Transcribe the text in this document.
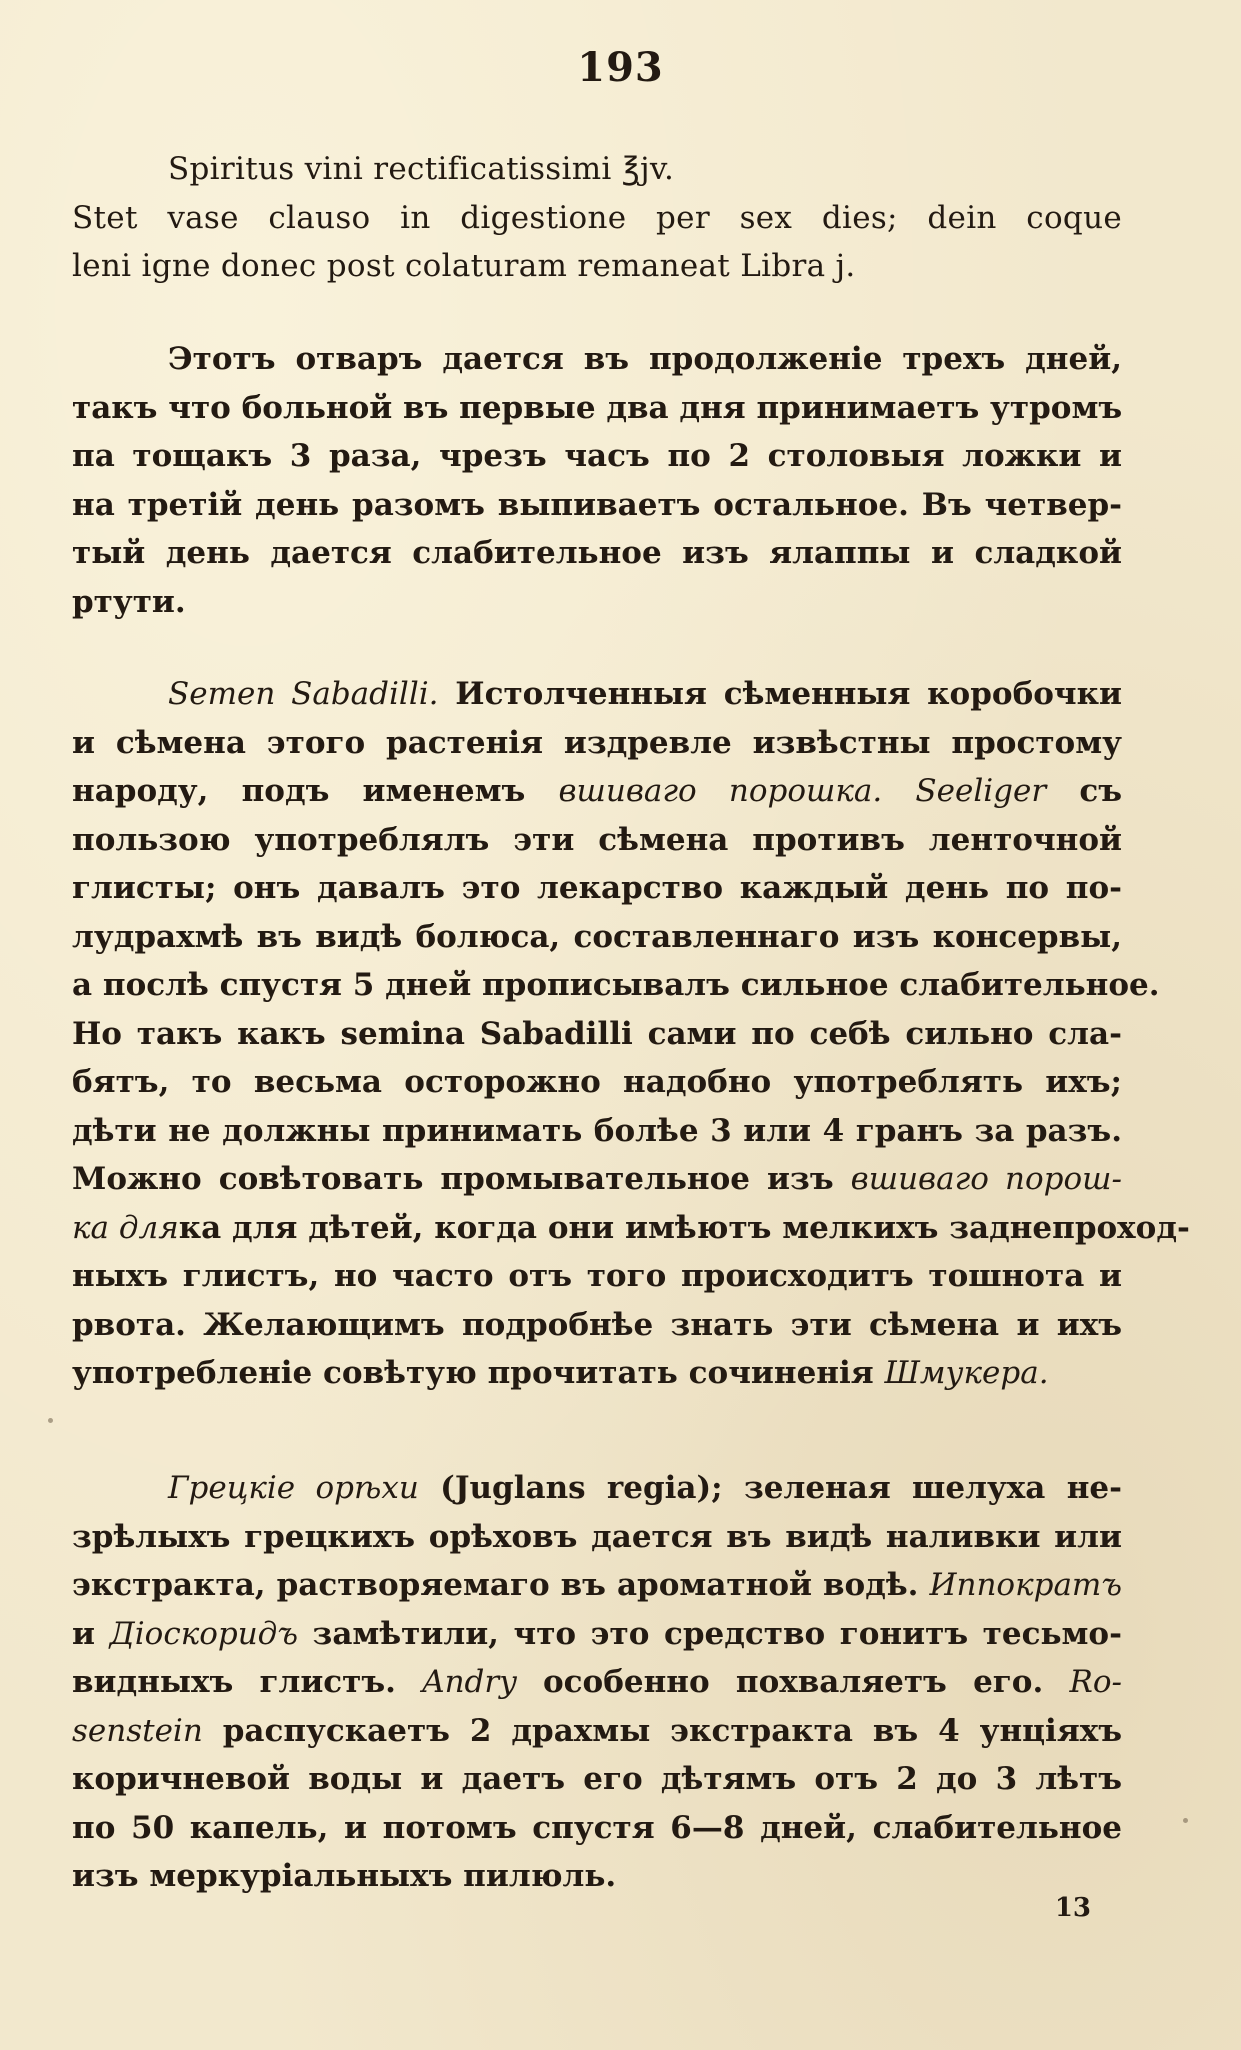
193
Spiritus vini rectificatissimi ℥jv.
Stet vase clauso in digestione per sex dies; dein coque
leni igne donec post colaturam remaneat Libra j.
Этотъ отваръ дается въ продолженіе трехъ дней,
такъ что больной въ первые два дня принимаетъ утромъ
па тощакъ 3 раза, чрезъ часъ по 2 столовыя ложки и
на третій день разомъ выпиваетъ остальное. Въ четвер-
тый день дается слабительное изъ ялаппы и сладкой
ртути.
Semen Sabadilli. Истолченныя сѣменныя коробочки
и сѣмена этого растенія издревле извѣстны простому
народу, подъ именемъ вшиваго порошка. Seeliger съ
пользою употреблялъ эти сѣмена противъ ленточной
глисты; онъ давалъ это лекарство каждый день по по-
лудрахмѣ въ видѣ болюса, составленнаго изъ консервы,
а послѣ спустя 5 дней прописывалъ сильное слабительное.
Но такъ какъ semina Sabadilli сами по себѣ сильно сла-
бятъ, то весьма осторожно надобно употреблять ихъ;
дѣти не должны принимать болѣе 3 или 4 гранъ за разъ.
Можно совѣтовать промывательное изъ вшиваго порош-
ка дляка для дѣтей, когда они имѣютъ мелкихъ заднепроход-
ныхъ глистъ, но часто отъ того происходитъ тошнота и
рвота. Желающимъ подробнѣе знать эти сѣмена и ихъ
употребленіе совѣтую прочитать сочиненія Шмукера.
Грецкіе орѣхи (Juglans regia); зеленая шелуха не-
зрѣлыхъ грецкихъ орѣховъ дается въ видѣ наливки или
экстракта, растворяемаго въ ароматной водѣ. Иппократъ
и Діоскоридъ замѣтили, что это средство гонитъ тесьмо-
видныхъ глистъ. Andry особенно похваляетъ его. Ro-
senstein распускаетъ 2 драхмы экстракта въ 4 унціяхъ
коричневой воды и даетъ его дѣтямъ отъ 2 до 3 лѣтъ
по 50 капель, и потомъ спустя 6—8 дней, слабительное
изъ меркуріальныхъ пилюль.
13
